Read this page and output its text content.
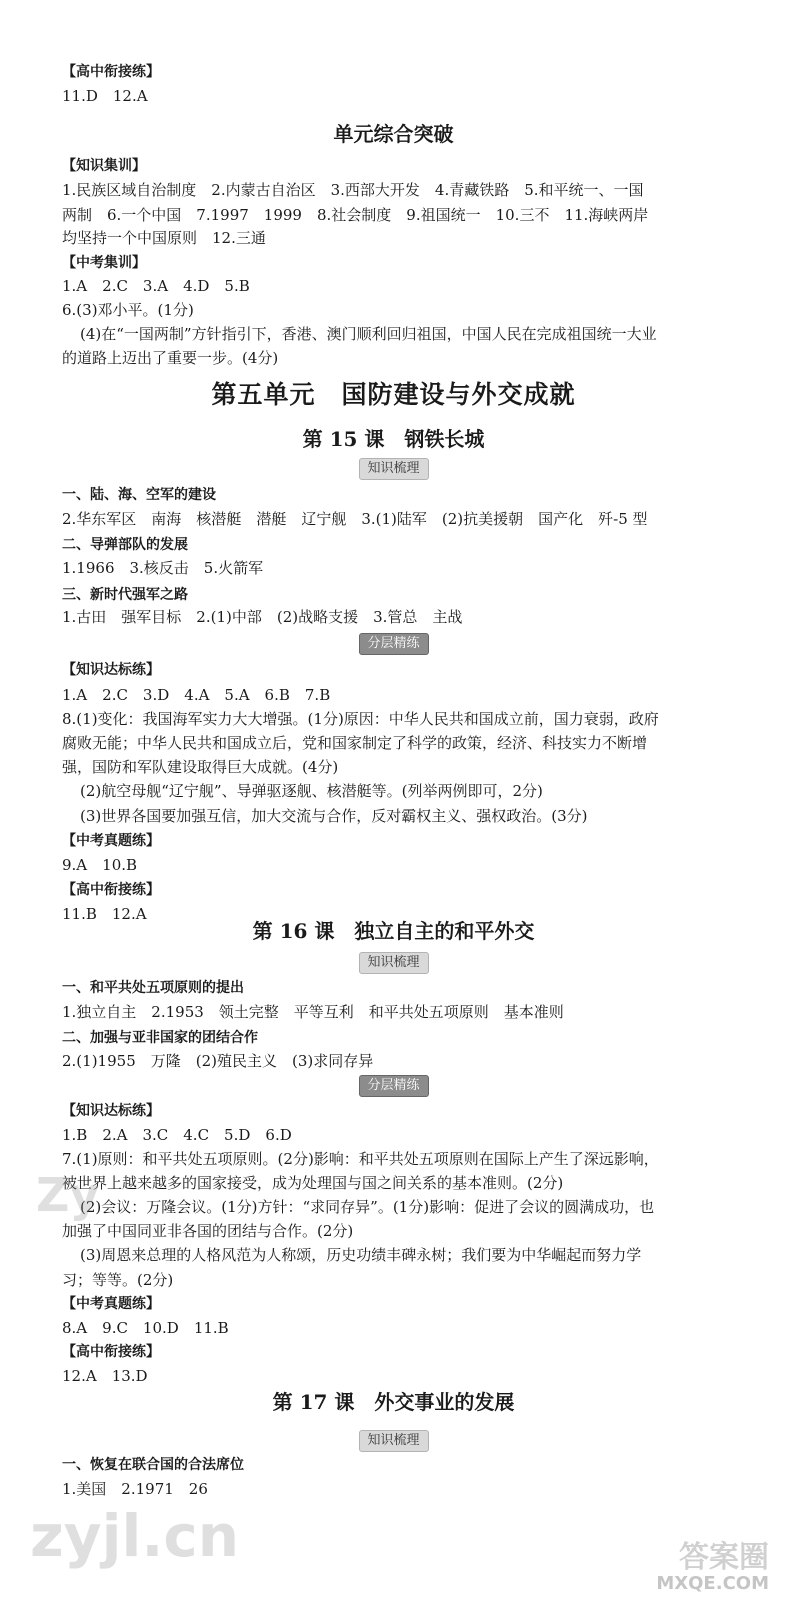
【高中衔接练】
11.D　12.A
单元综合突破
【知识集训】
1.民族区域自治制度　2.内蒙古自治区　3.西部大开发　4.青藏铁路　5.和平统一、一国
两制　6.一个中国　7.1997　1999　8.社会制度　9.祖国统一　10.三不　11.海峡两岸
均坚持一个中国原则　12.三通
【中考集训】
1.A　2.C　3.A　4.D　5.B
6.(3)邓小平。(1分)
(4)在“一国两制”方针指引下，香港、澳门顺利回归祖国，中国人民在完成祖国统一大业
的道路上迈出了重要一步。(4分)
第五单元　国防建设与外交成就
第 15 课　钢铁长城
知识梳理
一、陆、海、空军的建设
2.华东军区　南海　核潜艇　潜艇　辽宁舰　3.(1)陆军　(2)抗美援朝　国产化　歼-5 型
二、导弹部队的发展
1.1966　3.核反击　5.火箭军
三、新时代强军之路
1.古田　强军目标　2.(1)中部　(2)战略支援　3.管总　主战
分层精练
【知识达标练】
1.A　2.C　3.D　4.A　5.A　6.B　7.B
8.(1)变化：我国海军实力大大增强。(1分)原因：中华人民共和国成立前，国力衰弱，政府
腐败无能；中华人民共和国成立后，党和国家制定了科学的政策，经济、科技实力不断增
强，国防和军队建设取得巨大成就。(4分)
(2)航空母舰“辽宁舰”、导弹驱逐舰、核潜艇等。(列举两例即可，2分)
(3)世界各国要加强互信，加大交流与合作，反对霸权主义、强权政治。(3分)
【中考真题练】
9.A　10.B
【高中衔接练】
11.B　12.A
第 16 课　独立自主的和平外交
知识梳理
一、和平共处五项原则的提出
1.独立自主　2.1953　领土完整　平等互利　和平共处五项原则　基本准则
二、加强与亚非国家的团结合作
2.(1)1955　万隆　(2)殖民主义　(3)求同存异
分层精练
【知识达标练】
1.B　2.A　3.C　4.C　5.D　6.D
7.(1)原则：和平共处五项原则。(2分)影响：和平共处五项原则在国际上产生了深远影响，
被世界上越来越多的国家接受，成为处理国与国之间关系的基本准则。(2分)
(2)会议：万隆会议。(1分)方针：“求同存异”。(1分)影响：促进了会议的圆满成功，也
加强了中国同亚非各国的团结与合作。(2分)
(3)周恩来总理的人格风范为人称颂，历史功绩丰碑永树；我们要为中华崛起而努力学
习；等等。(2分)
【中考真题练】
8.A　9.C　10.D　11.B
【高中衔接练】
12.A　13.D
第 17 课　外交事业的发展
知识梳理
一、恢复在联合国的合法席位
1.美国　2.1971　26
Zy
zyjl.cn	答案圈
MXQE.COM
